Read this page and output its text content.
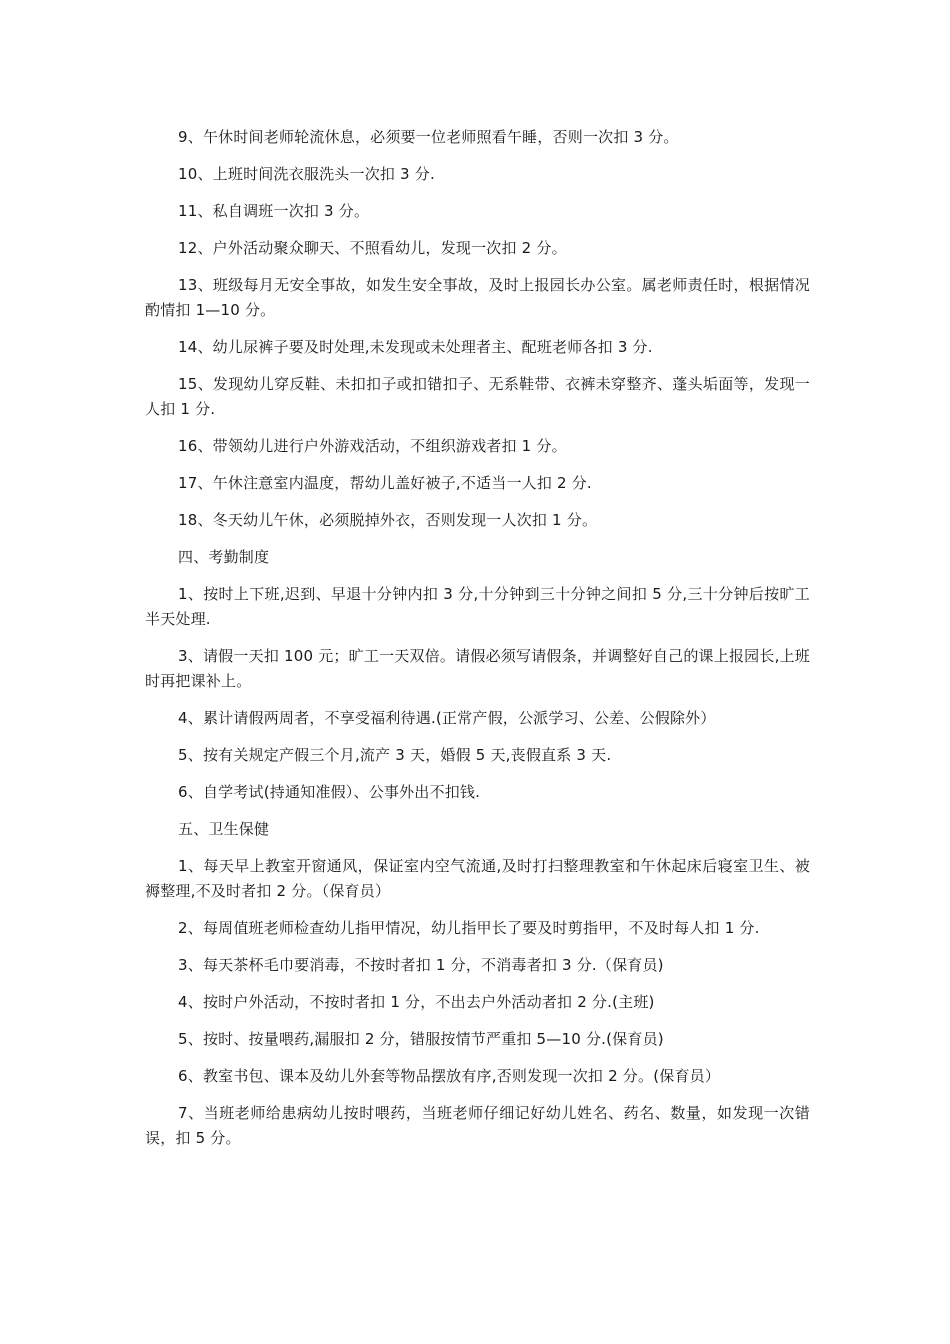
9、午休时间老师轮流休息，必须要一位老师照看午睡，否则一次扣 3 分。

10、上班时间洗衣服洗头一次扣 3 分.

11、私自调班一次扣 3 分。

12、户外活动聚众聊天、不照看幼儿，发现一次扣 2 分。

13、班级每月无安全事故，如发生安全事故，及时上报园长办公室。属老师责任时，根据情况酌情扣 1—10 分。

14、幼儿尿裤子要及时处理,未发现或未处理者主、配班老师各扣 3 分.

15、发现幼儿穿反鞋、未扣扣子或扣错扣子、无系鞋带、衣裤未穿整齐、蓬头垢面等，发现一人扣 1 分.

16、带领幼儿进行户外游戏活动，不组织游戏者扣 1 分。

17、午休注意室内温度，帮幼儿盖好被子,不适当一人扣 2 分.

18、冬天幼儿午休，必须脱掉外衣，否则发现一人次扣 1 分。

四、考勤制度

1、按时上下班,迟到、早退十分钟内扣 3 分,十分钟到三十分钟之间扣 5 分,三十分钟后按旷工半天处理.

3、请假一天扣 100 元；旷工一天双倍。请假必须写请假条，并调整好自己的课上报园长,上班时再把课补上。

4、累计请假两周者，不享受福利待遇.(正常产假，公派学习、公差、公假除外）

5、按有关规定产假三个月,流产 3 天，婚假 5 天,丧假直系 3 天.

6、自学考试(持通知准假）、公事外出不扣钱.

五、卫生保健

1、每天早上教室开窗通风，保证室内空气流通,及时打扫整理教室和午休起床后寝室卫生、被褥整理,不及时者扣 2 分。（保育员）

2、每周值班老师检查幼儿指甲情况，幼儿指甲长了要及时剪指甲，不及时每人扣 1 分.

3、每天茶杯毛巾要消毒，不按时者扣 1 分，不消毒者扣 3 分.（保育员)

4、按时户外活动，不按时者扣 1 分，不出去户外活动者扣 2 分.(主班)

5、按时、按量喂药,漏服扣 2 分，错服按情节严重扣 5—10 分.(保育员)

6、教室书包、课本及幼儿外套等物品摆放有序,否则发现一次扣 2 分。(保育员）

7、当班老师给患病幼儿按时喂药，当班老师仔细记好幼儿姓名、药名、数量，如发现一次错误，扣 5 分。
